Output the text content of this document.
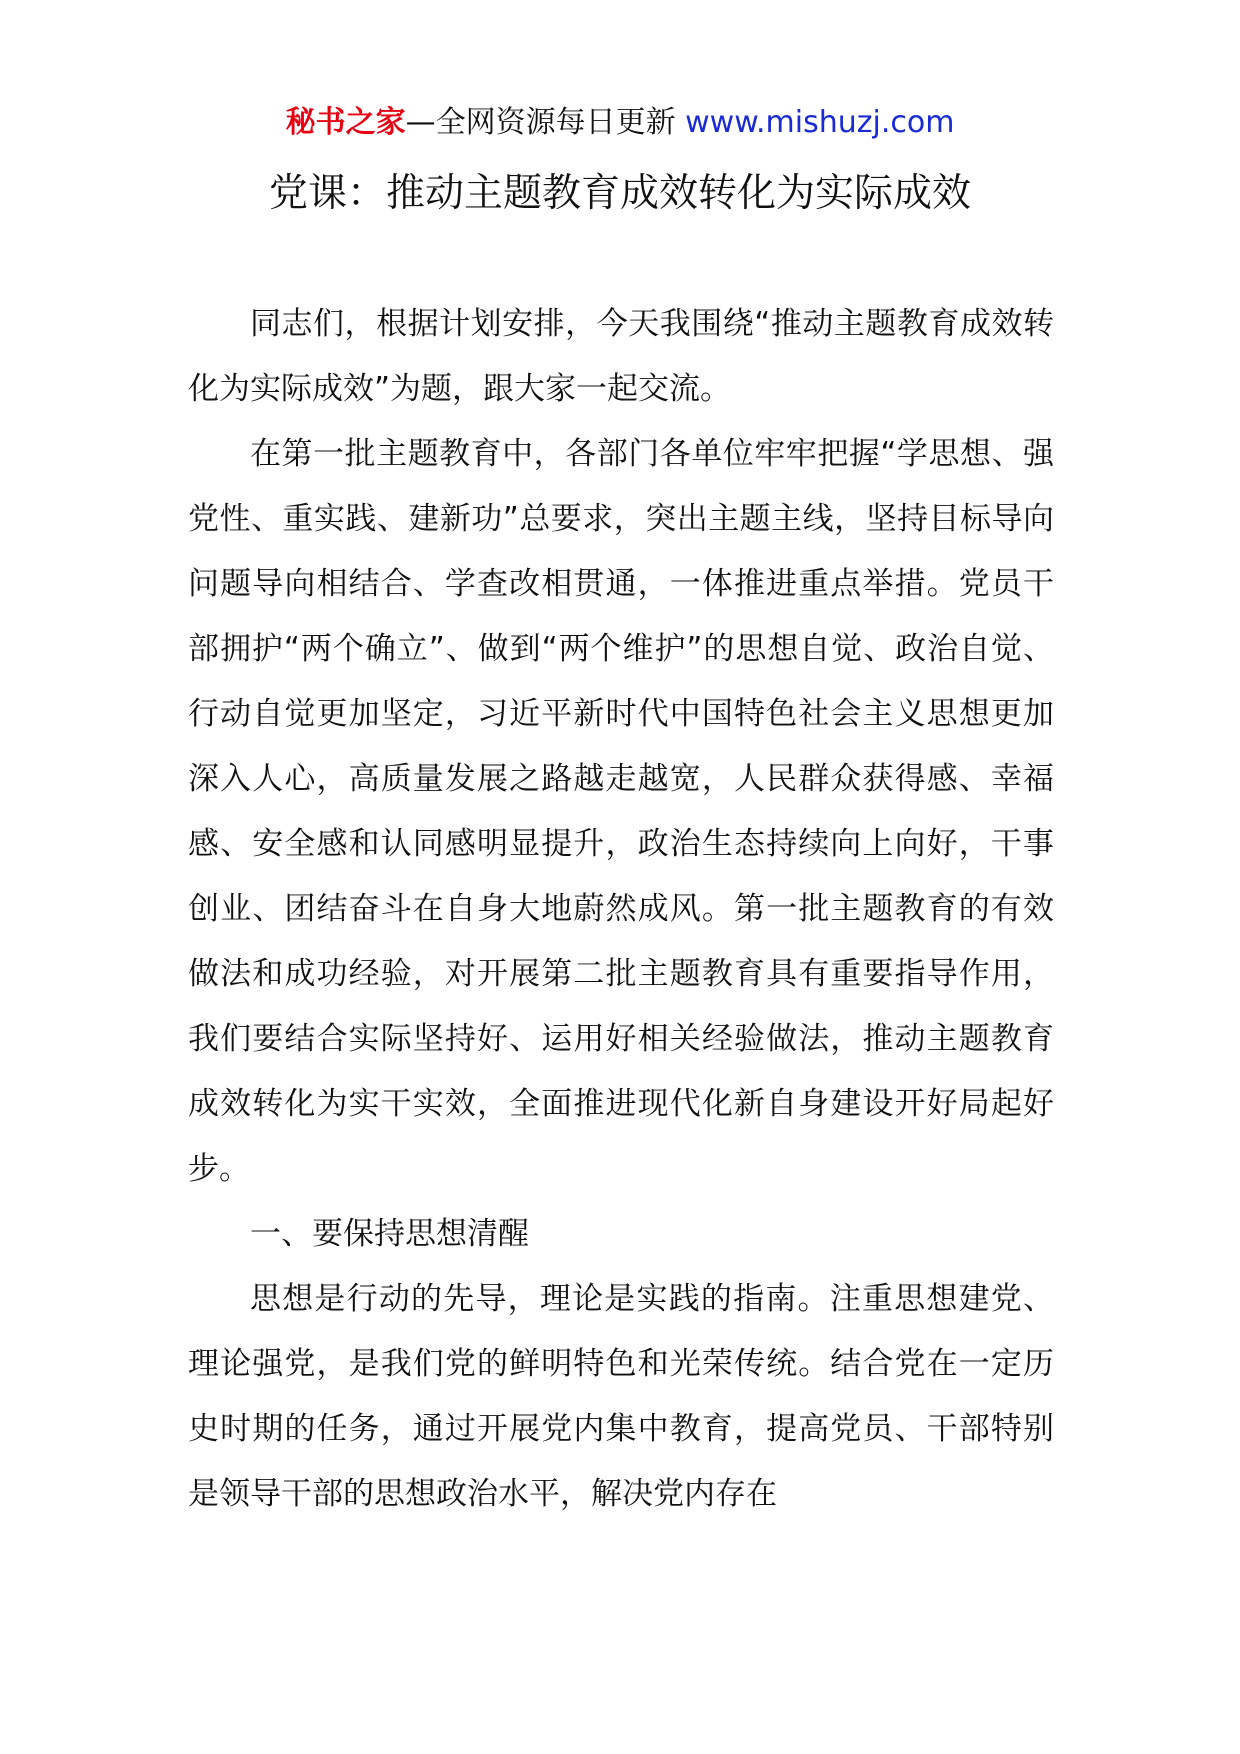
秘书之家—全网资源每日更新 www.mishuzj.com
党课：推动主题教育成效转化为实际成效

同志们，根据计划安排，今天我围绕“推动主题教育成效转化为实际成效”为题，跟大家一起交流。

在第一批主题教育中，各部门各单位牢牢把握“学思想、强党性、重实践、建新功”总要求，突出主题主线，坚持目标导向问题导向相结合、学查改相贯通，一体推进重点举措。党员干部拥护“两个确立”、做到“两个维护”的思想自觉、政治自觉、行动自觉更加坚定，习近平新时代中国特色社会主义思想更加深入人心，高质量发展之路越走越宽，人民群众获得感、幸福感、安全感和认同感明显提升，政治生态持续向上向好，干事创业、团结奋斗在自身大地蔚然成风。第一批主题教育的有效做法和成功经验，对开展第二批主题教育具有重要指导作用，我们要结合实际坚持好、运用好相关经验做法，推动主题教育成效转化为实干实效，全面推进现代化新自身建设开好局起好步。

一、要保持思想清醒

思想是行动的先导，理论是实践的指南。注重思想建党、理论强党，是我们党的鲜明特色和光荣传统。结合党在一定历史时期的任务，通过开展党内集中教育，提高党员、干部特别是领导干部的思想政治水平，解决党内存在
